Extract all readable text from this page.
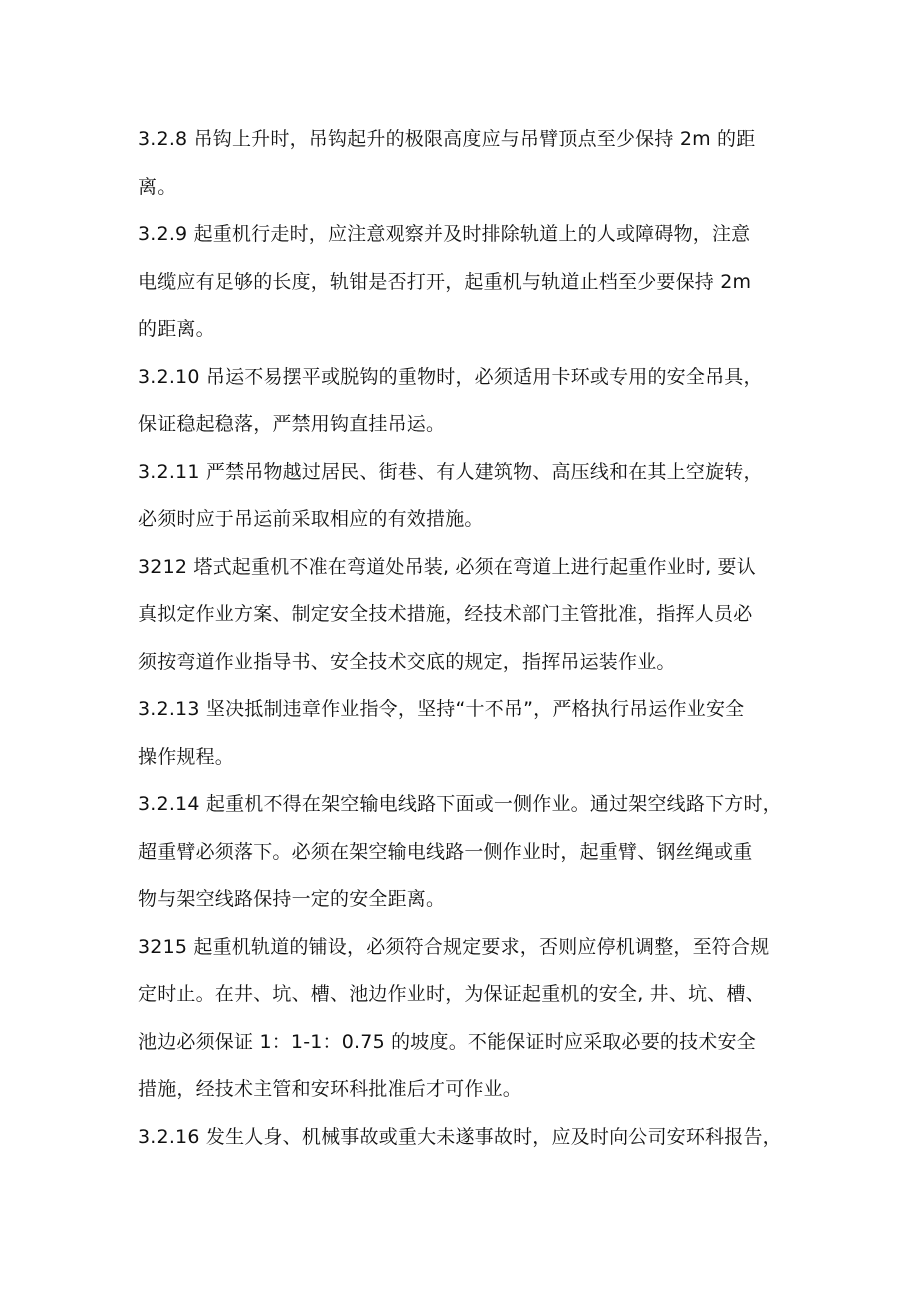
3.2.8 吊钩上升时，吊钩起升的极限高度应与吊臂顶点至少保持 2m 的距
离。
3.2.9 起重机行走时，应注意观察并及时排除轨道上的人或障碍物，注意
电缆应有足够的长度，轨钳是否打开，起重机与轨道止档至少要保持 2m
的距离。
3.2.10 吊运不易摆平或脱钩的重物时，必须适用卡环或专用的安全吊具，
保证稳起稳落，严禁用钩直挂吊运。
3.2.11 严禁吊物越过居民、街巷、有人建筑物、高压线和在其上空旋转，
必须时应于吊运前采取相应的有效措施。
3212 塔式起重机不准在弯道处吊装, 必须在弯道上进行起重作业时, 要认
真拟定作业方案、制定安全技术措施，经技术部门主管批准，指挥人员必
须按弯道作业指导书、安全技术交底的规定，指挥吊运装作业。
3.2.13 坚决抵制违章作业指令，坚持“十不吊”，严格执行吊运作业安全
操作规程。
3.2.14 起重机不得在架空输电线路下面或一侧作业。通过架空线路下方时，
超重臂必须落下。必须在架空输电线路一侧作业时，起重臂、钢丝绳或重
物与架空线路保持一定的安全距离。
3215 起重机轨道的铺设，必须符合规定要求，否则应停机调整，至符合规
定时止。在井、坑、槽、池边作业时，为保证起重机的安全, 井、坑、槽、
池边必须保证 1：1-1：0.75 的坡度。不能保证时应采取必要的技术安全
措施，经技术主管和安环科批准后才可作业。
3.2.16 发生人身、机械事故或重大未遂事故时，应及时向公司安环科报告，
